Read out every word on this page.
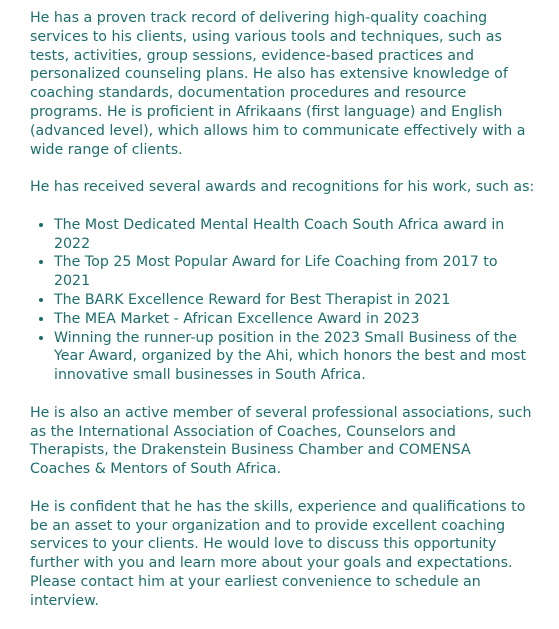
He has a proven track record of delivering high-quality coaching services to his clients, using various tools and techniques, such as tests, activities, group sessions, evidence-based practices and personalized counseling plans. He also has extensive knowledge of coaching standards, documentation procedures and resource programs. He is proficient in Afrikaans (first language) and English (advanced level), which allows him to communicate effectively with a wide range of clients.

He has received several awards and recognitions for his work, such as:

• The Most Dedicated Mental Health Coach South Africa award in 2022
• The Top 25 Most Popular Award for Life Coaching from 2017 to 2021
• The BARK Excellence Reward for Best Therapist in 2021
• The MEA Market - African Excellence Award in 2023
• Winning the runner-up position in the 2023 Small Business of the Year Award, organized by the Ahi, which honors the best and most innovative small businesses in South Africa.

He is also an active member of several professional associations, such as the International Association of Coaches, Counselors and Therapists, the Drakenstein Business Chamber and COMENSA Coaches & Mentors of South Africa.

He is confident that he has the skills, experience and qualifications to be an asset to your organization and to provide excellent coaching services to your clients. He would love to discuss this opportunity further with you and learn more about your goals and expectations. Please contact him at your earliest convenience to schedule an interview.
